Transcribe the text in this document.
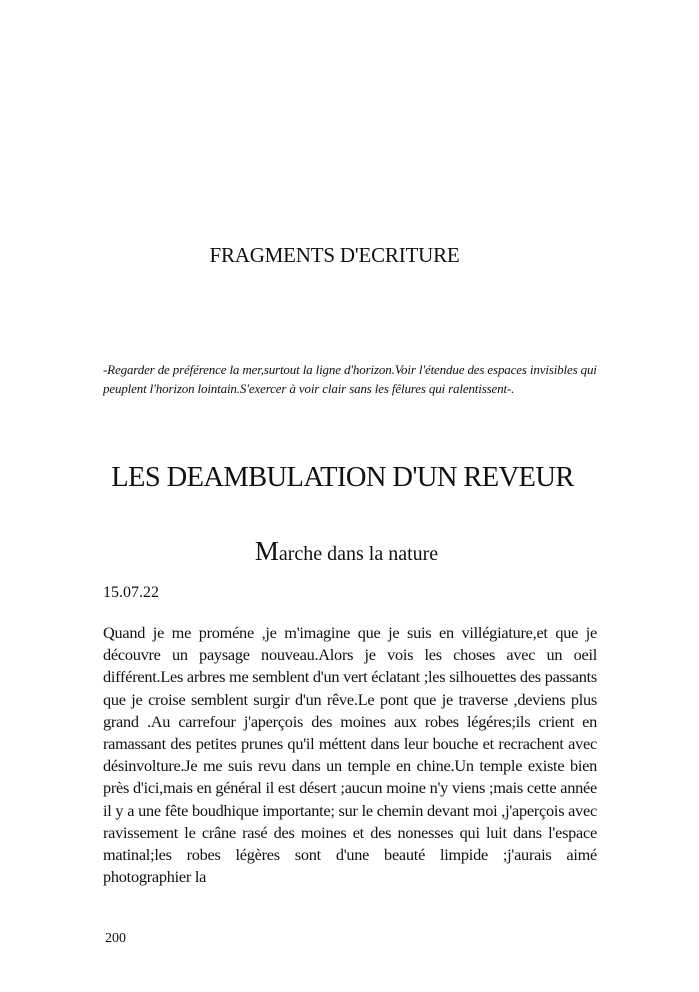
FRAGMENTS D'ECRITURE
-Regarder de préférence la mer,surtout la ligne d'horizon.Voir l'étendue des espaces invisibles qui peuplent l'horizon lointain.S'exercer à voir clair sans les fêlures qui ralentissent-.
LES DEAMBULATION D'UN REVEUR
Marche dans la nature
15.07.22

Quand je me proméne ,je m'imagine que je suis en villégiature,et que je découvre un paysage nouveau.Alors je vois les choses avec un oeil différent.Les arbres me semblent d'un vert éclatant ;les silhouettes des passants que je croise semblent surgir d'un rêve.Le pont que je traverse ,deviens plus grand .Au carrefour j'aperçois des moines aux robes légéres;ils crient en ramassant des petites prunes qu'il méttent dans leur bouche et recrachent avec désinvolture.Je me suis revu dans un temple en chine.Un temple existe bien près d'ici,mais en général il est désert ;aucun moine n'y viens ;mais cette année il y a une fête boudhique importante; sur le chemin devant moi ,j'aperçois avec ravissement le crâne rasé des moines et des nonesses qui luit dans l'espace matinal;les robes légères sont d'une beauté limpide ;j'aurais aimé photographier la

200
